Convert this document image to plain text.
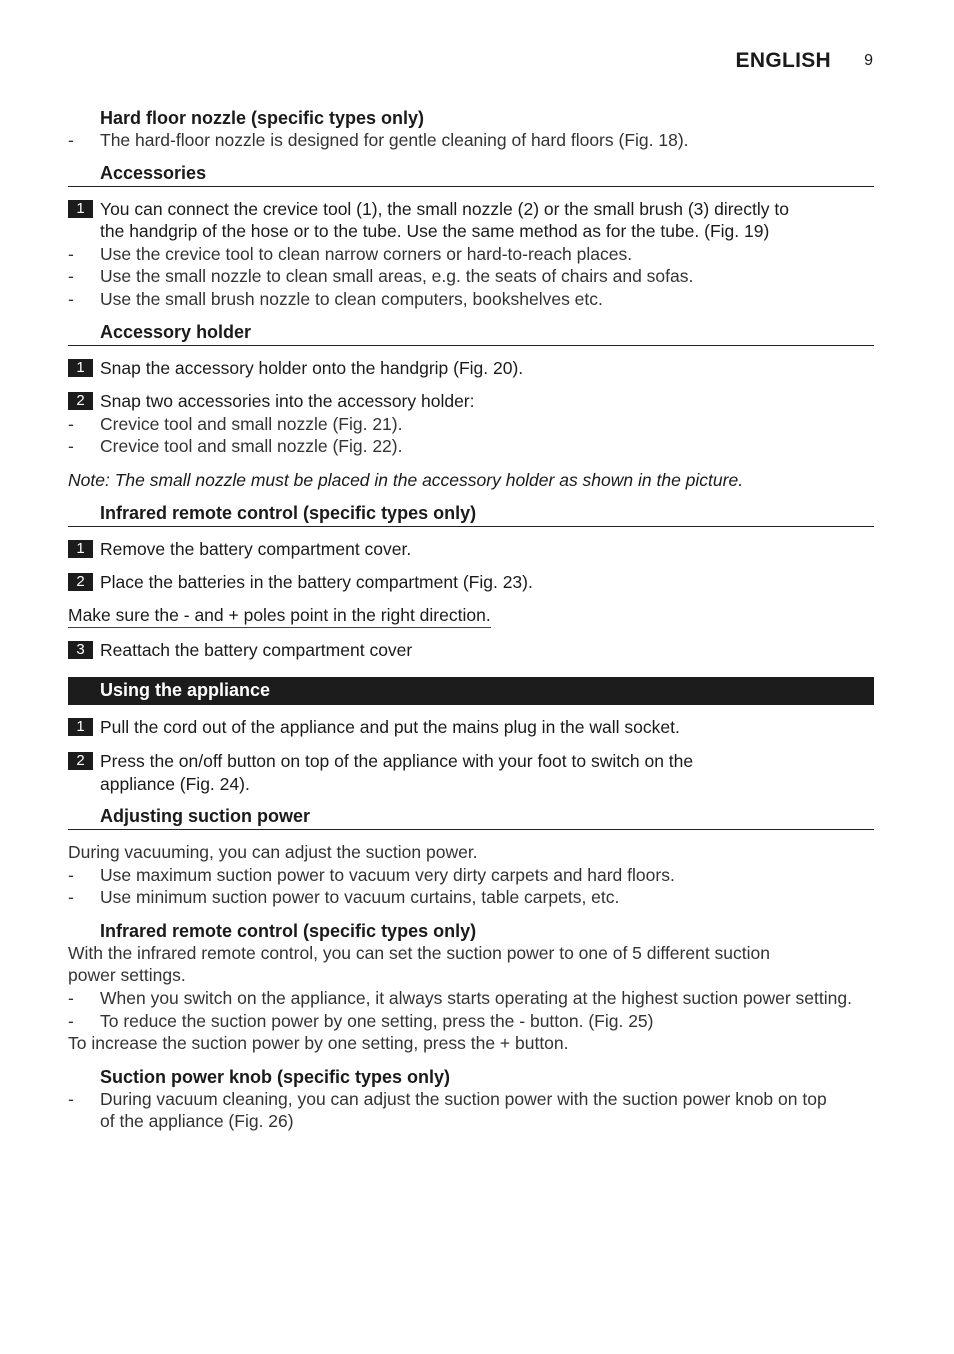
ENGLISH 9
Hard floor nozzle (specific types only)
- The hard-floor nozzle is designed for gentle cleaning of hard floors (Fig. 18).
Accessories
1 You can connect the crevice tool (1), the small nozzle (2) or the small brush (3) directly to
the handgrip of the hose or to the tube. Use the same method as for the tube. (Fig. 19)
- Use the crevice tool to clean narrow corners or hard-to-reach places.
- Use the small nozzle to clean small areas, e.g. the seats of chairs and sofas.
- Use the small brush nozzle to clean computers, bookshelves etc.
Accessory holder
1 Snap the accessory holder onto the handgrip (Fig. 20).
2 Snap two accessories into the accessory holder:
- Crevice tool and small nozzle (Fig. 21).
- Crevice tool and small nozzle (Fig. 22).
Note: The small nozzle must be placed in the accessory holder as shown in the picture.
Infrared remote control (specific types only)
1 Remove the battery compartment cover.
2 Place the batteries in the battery compartment (Fig. 23).
Make sure the - and + poles point in the right direction.
3 Reattach the battery compartment cover
Using the appliance
1 Pull the cord out of the appliance and put the mains plug in the wall socket.
2 Press the on/off button on top of the appliance with your foot to switch on the
appliance (Fig. 24).
Adjusting suction power
During vacuuming, you can adjust the suction power.
- Use maximum suction power to vacuum very dirty carpets and hard floors.
- Use minimum suction power to vacuum curtains, table carpets, etc.
Infrared remote control (specific types only)
With the infrared remote control, you can set the suction power to one of 5 different suction
power settings.
- When you switch on the appliance, it always starts operating at the highest suction power setting.
- To reduce the suction power by one setting, press the - button. (Fig. 25)
To increase the suction power by one setting, press the + button.
Suction power knob (specific types only)
- During vacuum cleaning, you can adjust the suction power with the suction power knob on top
of the appliance (Fig. 26)
